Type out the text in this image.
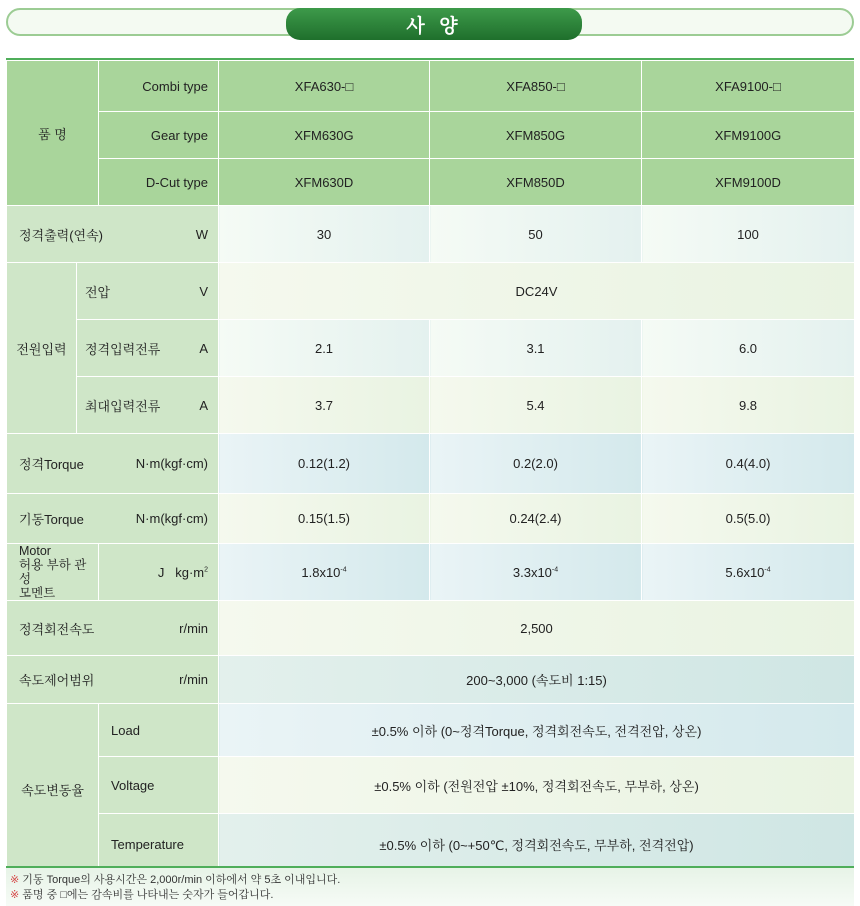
사 양
품 명		Combi type	XFA630-□	XFA850-□	XFA9100-□
		Gear type	XFM630G	XFM850G	XFM9100G
		D-Cut type	XFM630D	XFM850D	XFM9100D

정격출력(연속) W			30	50	100
전원입력	전압 V		DC24V		

	정격입력전류 A		2.1	3.1	6.0

	최대입력전류 A		3.7	5.4	9.8

정격Torque N·m(kgf·cm)			0.12(1.2)	0.2(2.0)	0.4(4.0)

기동Torque N·m(kgf·cm)			0.15(1.5)	0.24(2.4)	0.5(5.0)

Motor
허용 부하 관성
모멘트		J $kg\cdot m^2$	$1.8x10^{-4}$	$3.3x10^{-4}$	$5.6x10^{-4}$

정격회전속도 r/min			2,500		

속도제어범위 r/min			200~3,000 (속도비 1:15)		
속도변동율		Load	±0.5% 이하 (0~정격Torque, 정격회전속도, 전격전압, 상온)		
		Voltage	±0.5% 이하 (전원전압 ±10%, 정격회전속도, 무부하, 상온)		
		Temperature	±0.5% 이하 (0~+50℃, 정격회전속도, 무부하, 전격전압)		
※ 기동 Torque의 사용시간은 2,000r/min 이하에서 약 5초 이내입니다.
※ 품명 중 □에는 감속비를 나타내는 숫자가 들어갑니다.
